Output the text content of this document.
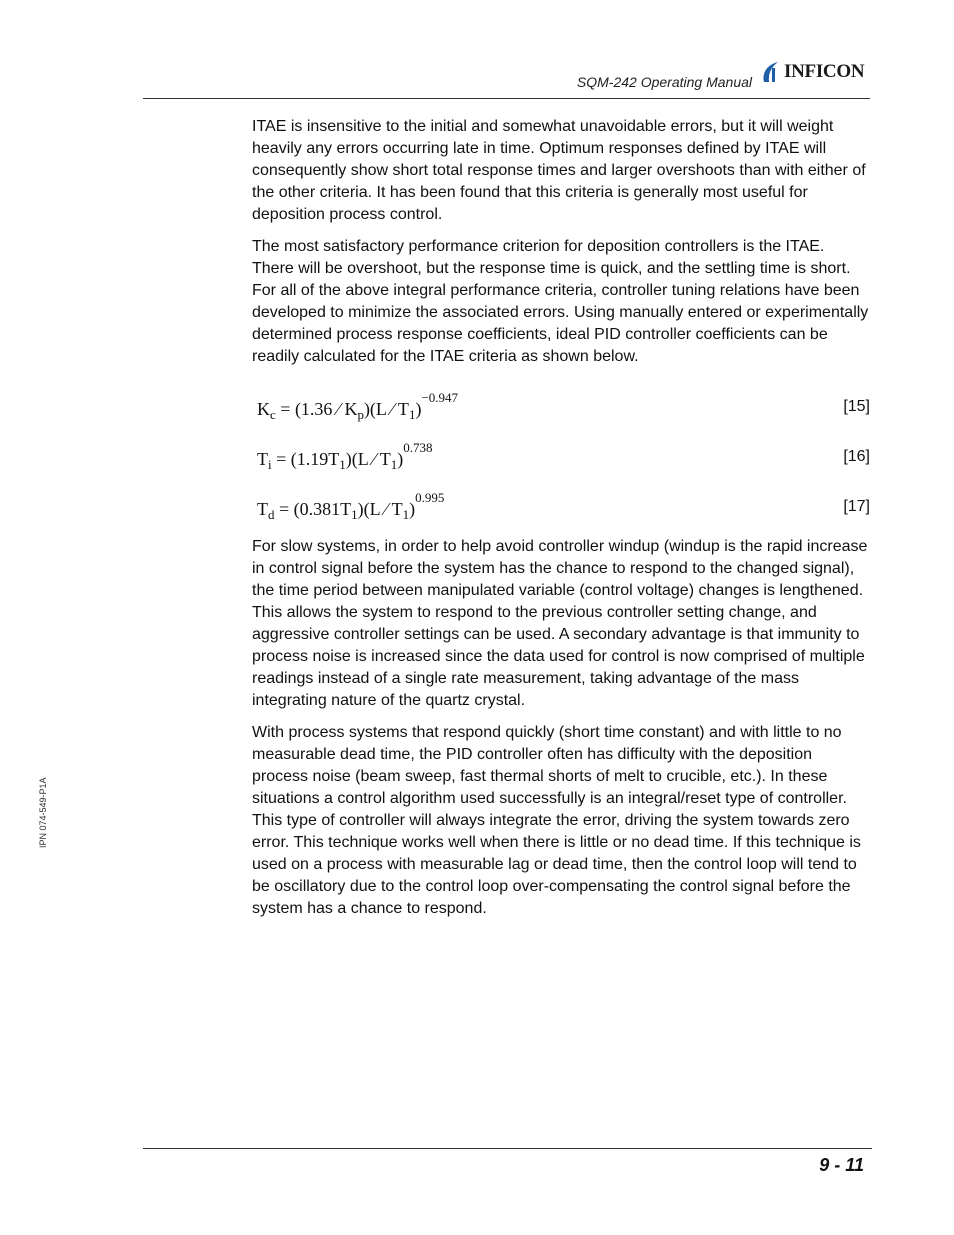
SQM-242 Operating Manual INFICON
IPN 074-549-P1A

ITAE is insensitive to the initial and somewhat unavoidable errors, but it will weight heavily any errors occurring late in time. Optimum responses defined by ITAE will consequently show short total response times and larger overshoots than with either of the other criteria. It has been found that this criteria is generally most useful for deposition process control.

The most satisfactory performance criterion for deposition controllers is the ITAE. There will be overshoot, but the response time is quick, and the settling time is short. For all of the above integral performance criteria, controller tuning relations have been developed to minimize the associated errors. Using manually entered or experimentally determined process response coefficients, ideal PID controller coefficients can be readily calculated for the ITAE criteria as shown below.

$K_c = (1.36$ ⁄ $K_p)(L$ ⁄ $T_1)^{-0.947}$
[15]
$T_i = (1.19T_1)(L$ ⁄ $T_1)^{0.738}$
[16]
$T_d = (0.381T_1)(L$ ⁄ $T_1)^{0.995}$
[17]

For slow systems, in order to help avoid controller windup (windup is the rapid increase in control signal before the system has the chance to respond to the changed signal), the time period between manipulated variable (control voltage) changes is lengthened. This allows the system to respond to the previous controller setting change, and aggressive controller settings can be used. A secondary advantage is that immunity to process noise is increased since the data used for control is now comprised of multiple readings instead of a single rate measurement, taking advantage of the mass integrating nature of the quartz crystal.

With process systems that respond quickly (short time constant) and with little to no measurable dead time, the PID controller often has difficulty with the deposition process noise (beam sweep, fast thermal shorts of melt to crucible, etc.). In these situations a control algorithm used successfully is an integral/reset type of controller. This type of controller will always integrate the error, driving the system towards zero error. This technique works well when there is little or no dead time. If this technique is used on a process with measurable lag or dead time, then the control loop will tend to be oscillatory due to the control loop over-compensating the control signal before the system has a chance to respond.

9 - 11
